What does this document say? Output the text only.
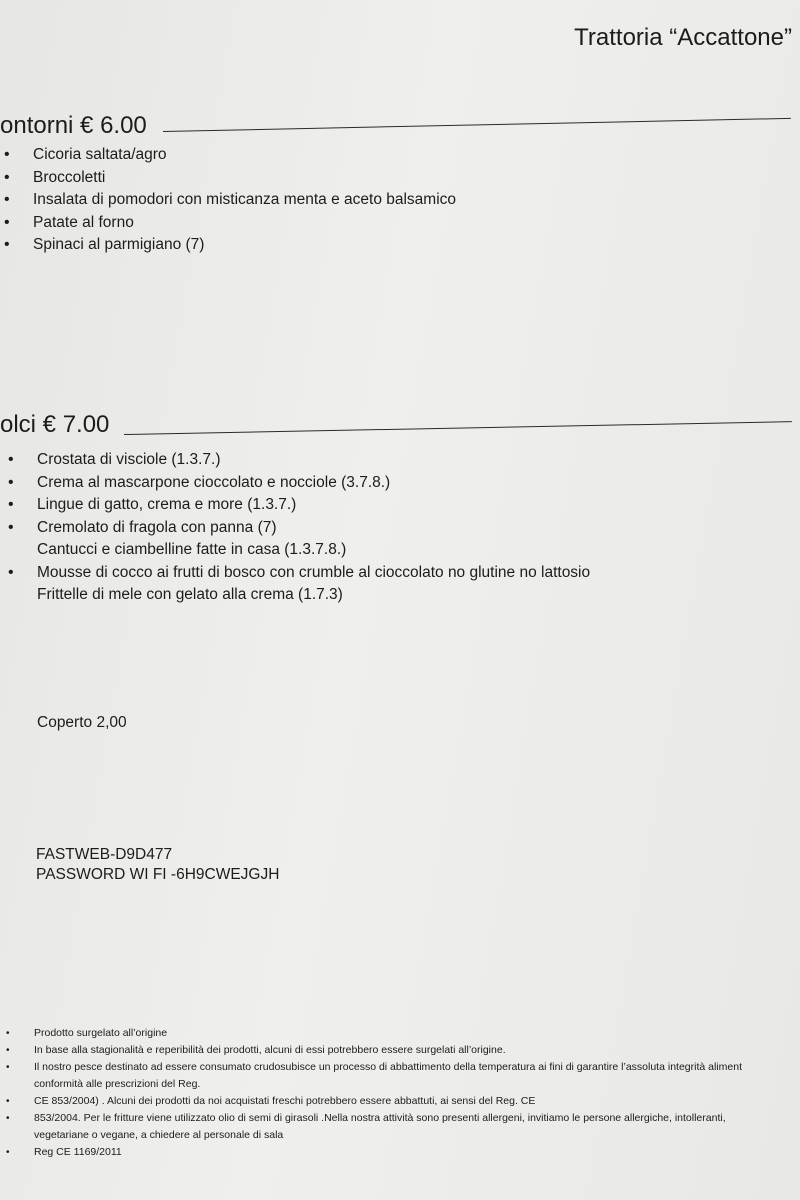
Trattoria “Accattone”
ontorni € 6.00
• Cicoria saltata/agro
• Broccoletti
• Insalata di pomodori con misticanza menta e aceto balsamico
• Patate al forno
• Spinaci al parmigiano (7)
olci € 7.00
• Crostata di visciole (1.3.7.)
• Crema al mascarpone cioccolato e nocciole (3.7.8.)
• Lingue di gatto, crema e more (1.3.7.)
• Cremolato di fragola con panna (7)
Cantucci e ciambelline fatte in casa (1.3.7.8.)
• Mousse di cocco ai frutti di bosco con crumble al cioccolato no glutine no lattosio
Frittelle di mele con gelato alla crema (1.7.3)
Coperto 2,00
FASTWEB-D9D477
PASSWORD WI FI -6H9CWEJGJH
• Prodotto surgelato all’origine
• In base alla stagionalità e reperibilità dei prodotti, alcuni di essi potrebbero essere surgelati all’origine.
• Il nostro pesce destinato ad essere consumato crudosubisce un processo di abbattimento della temperatura ai fini di garantire l’assoluta integrità aliment
conformità alle prescrizioni del Reg.
• CE 853/2004) . Alcuni dei prodotti da noi acquistati freschi potrebbero essere abbattuti, ai sensi del Reg. CE
• 853/2004. Per le fritture viene utilizzato olio di semi di girasoli .Nella nostra attività sono presenti allergeni, invitiamo le persone allergiche, intolleranti,
vegetariane o vegane, a chiedere al personale di sala
• Reg CE 1169/2011
